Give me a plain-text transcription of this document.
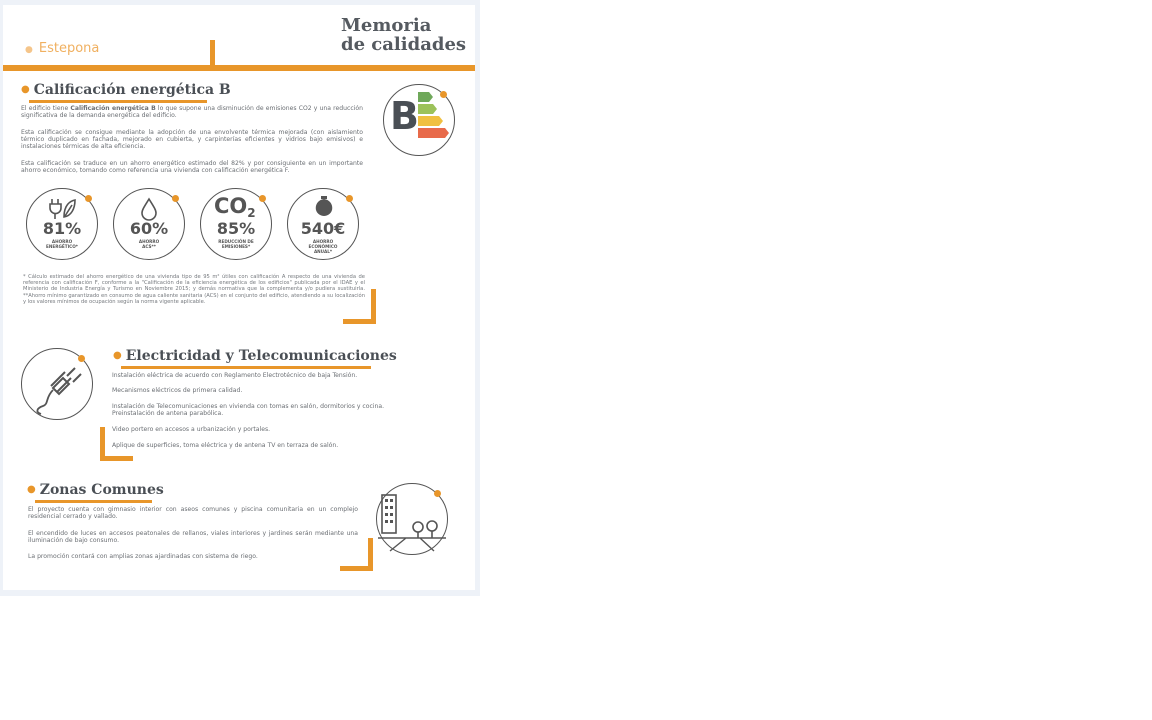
● Estepona
Memoria
de calidades
● Calificación energética B
El edificio tiene Calificación energética B lo que supone una disminución de emisiones CO2 y una reducción significativa de la demanda energética del edificio.
Esta calificación se consigue mediante la adopción de una envolvente térmica mejorada (con aislamiento térmico duplicado en fachada, mejorado en cubierta, y carpinterías eficientes y vidrios bajo emisivos) e instalaciones térmicas de alta eficiencia.
Esta calificación se traduce en un ahorro energético estimado del 82% y por consiguiente en un importante ahorro económico, tomando como referencia una vivienda con calificación energética F.
B
81%
AHORRO
ENERGÉTICO*
60%
AHORRO
ACS**
CO2
85%
REDUCCIÓN DE
EMISIONES*
540€
AHORRO
ECONÓMICO
ANUAL*
* Cálculo estimado del ahorro energético de una vivienda tipo de 95 m² útiles con calificación A respecto de una vivienda de referencia con calificación F, conforme a la "Calificación de la eficiencia energética de los edificios" publicada por el IDAE y el Ministerio de Industria Energía y Turismo en Noviembre 2015; y demás normativa que la complementa y/o pudiera sustituirla. **Ahorro mínimo garantizado en consumo de agua caliente sanitaria (ACS) en el conjunto del edificio, atendiendo a su localización y los valores mínimos de ocupación según la norma vigente aplicable.
● Electricidad y Telecomunicaciones
Instalación eléctrica de acuerdo con Reglamento Electrotécnico de baja Tensión.
Mecanismos eléctricos de primera calidad.
Instalación de Telecomunicaciones en vivienda con tomas en salón, dormitorios y cocina.
Preinstalación de antena parabólica.
Video portero en accesos a urbanización y portales.
Aplique de superficies, toma eléctrica y de antena TV en terraza de salón.
● Zonas Comunes
El proyecto cuenta con gimnasio interior con aseos comunes y piscina comunitaria en un complejo residencial cerrado y vallado.
El encendido de luces en accesos peatonales de rellanos, viales interiores y jardines serán mediante una iluminación de bajo consumo.
La promoción contará con amplias zonas ajardinadas con sistema de riego.
